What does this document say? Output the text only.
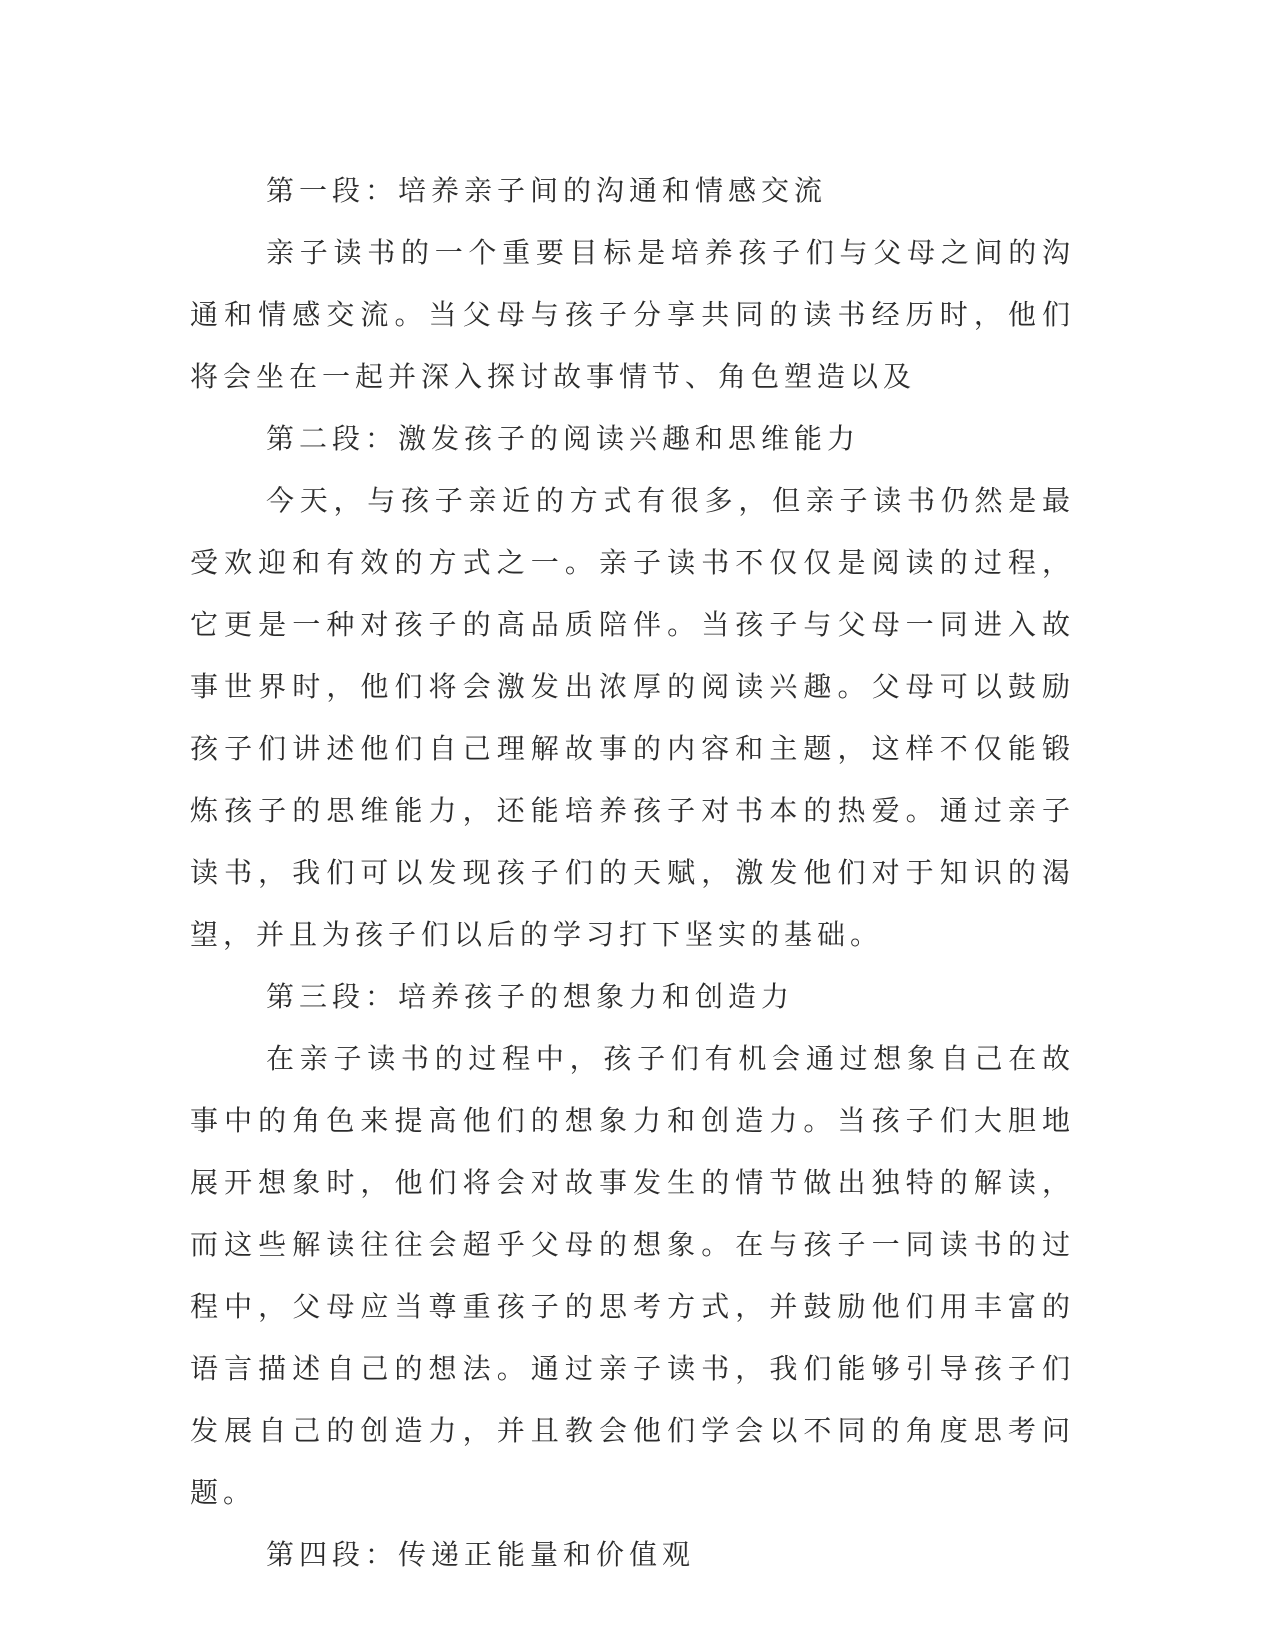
第一段：培养亲子间的沟通和情感交流

亲子读书的一个重要目标是培养孩子们与父母之间的沟通和情感交流。当父母与孩子分享共同的读书经历时，他们将会坐在一起并深入探讨故事情节、角色塑造以及

第二段：激发孩子的阅读兴趣和思维能力

今天，与孩子亲近的方式有很多，但亲子读书仍然是最受欢迎和有效的方式之一。亲子读书不仅仅是阅读的过程，它更是一种对孩子的高品质陪伴。当孩子与父母一同进入故事世界时，他们将会激发出浓厚的阅读兴趣。父母可以鼓励孩子们讲述他们自己理解故事的内容和主题，这样不仅能锻炼孩子的思维能力，还能培养孩子对书本的热爱。通过亲子读书，我们可以发现孩子们的天赋，激发他们对于知识的渴望，并且为孩子们以后的学习打下坚实的基础。

第三段：培养孩子的想象力和创造力

在亲子读书的过程中，孩子们有机会通过想象自己在故事中的角色来提高他们的想象力和创造力。当孩子们大胆地展开想象时，他们将会对故事发生的情节做出独特的解读，而这些解读往往会超乎父母的想象。在与孩子一同读书的过程中，父母应当尊重孩子的思考方式，并鼓励他们用丰富的语言描述自己的想法。通过亲子读书，我们能够引导孩子们发展自己的创造力，并且教会他们学会以不同的角度思考问题。

第四段：传递正能量和价值观
